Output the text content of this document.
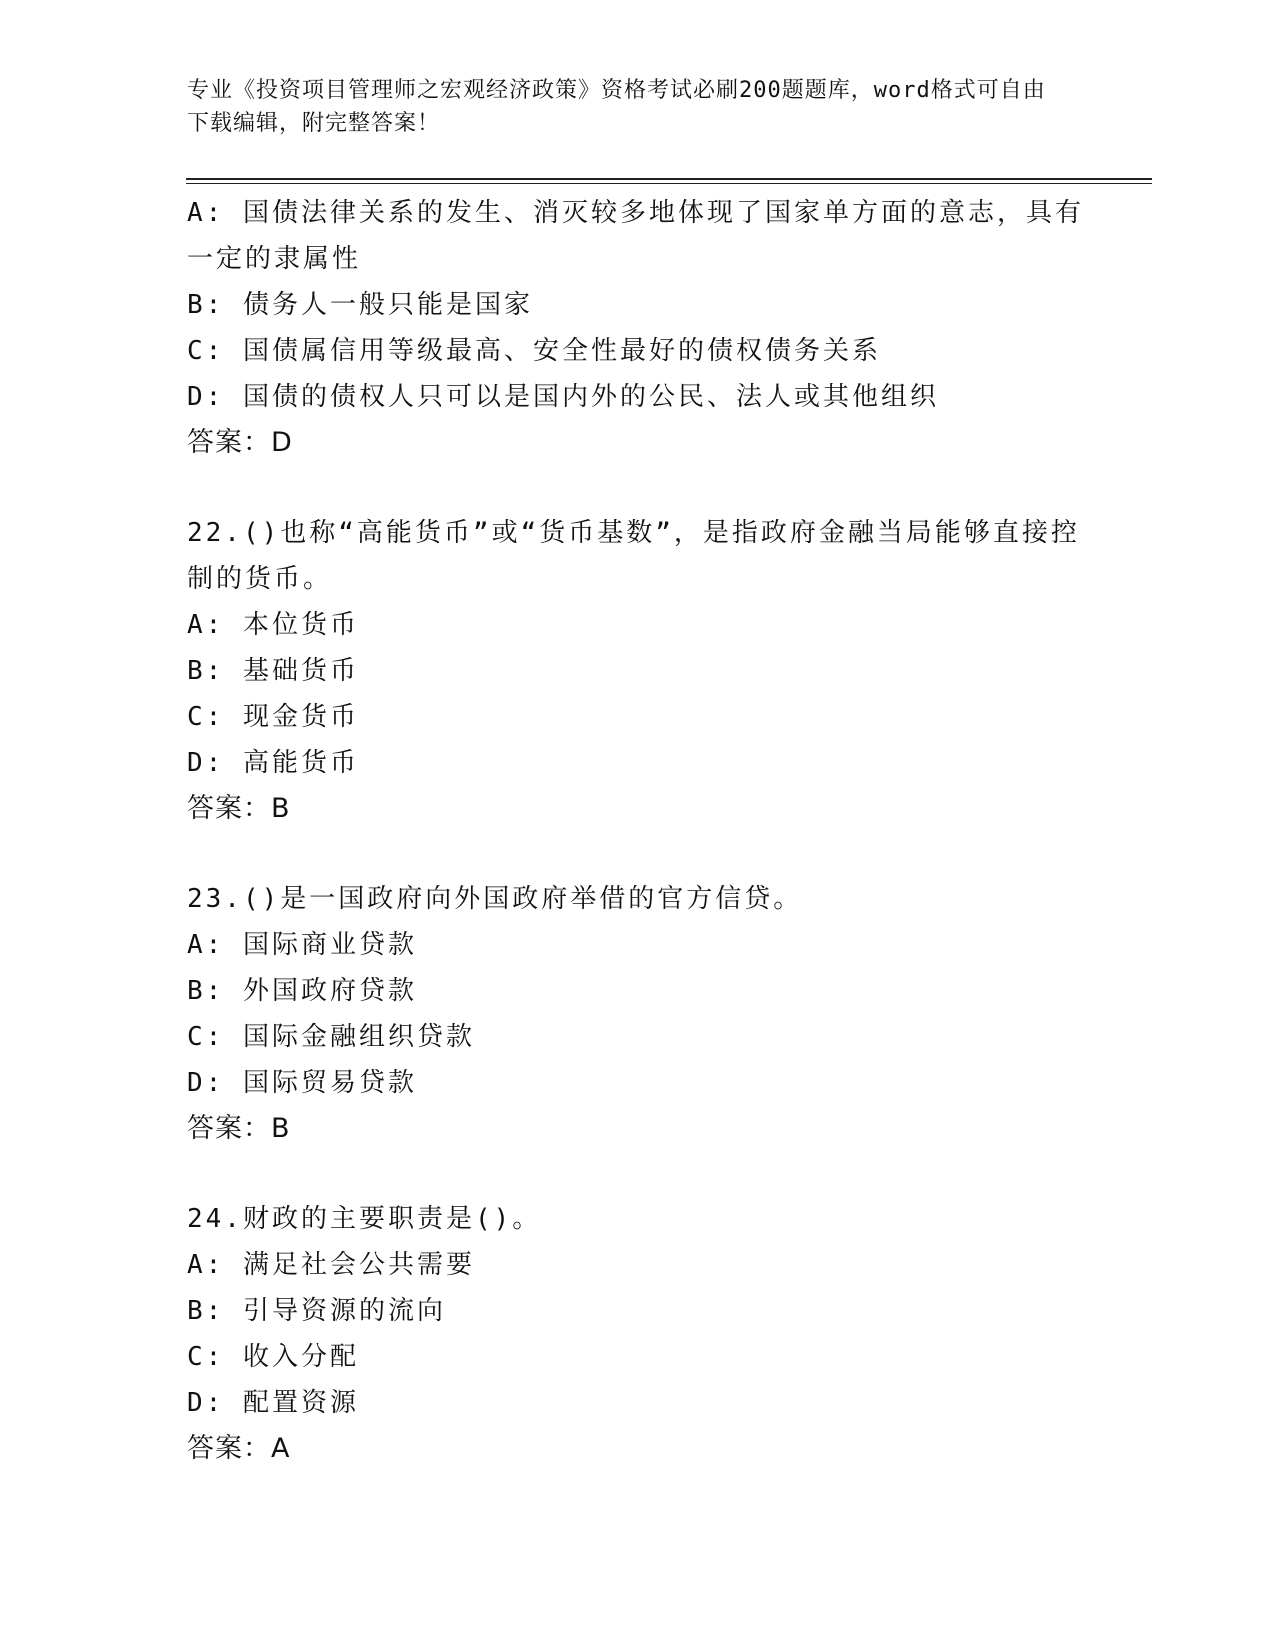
专业《投资项目管理师之宏观经济政策》资格考试必刷200题题库，word格式可自由下载编辑，附完整答案！

A: 国债法律关系的发生、消灭较多地体现了国家单方面的意志，具有一定的隶属性

B: 债务人一般只能是国家

C: 国债属信用等级最高、安全性最好的债权债务关系

D: 国债的债权人只可以是国内外的公民、法人或其他组织

答案：D

22.()也称“高能货币”或“货币基数”，是指政府金融当局能够直接控制的货币。

A: 本位货币

B: 基础货币

C: 现金货币

D: 高能货币

答案：B

23.()是一国政府向外国政府举借的官方信贷。

A: 国际商业贷款

B: 外国政府贷款

C: 国际金融组织贷款

D: 国际贸易贷款

答案：B

24.财政的主要职责是()。

A: 满足社会公共需要

B: 引导资源的流向

C: 收入分配

D: 配置资源

答案：A
